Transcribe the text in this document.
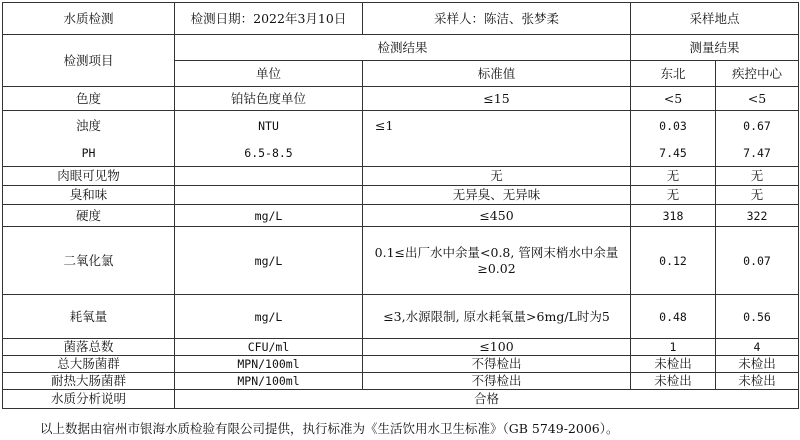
水质检测	检测日期：2022年3月10日	采样人：陈洁、张梦柔	采样地点	
检测项目	检测结果		测量结果	
	单位	标准值	东北	疾控中心
色度	铂钴色度单位	≤15	<5	<5
浊度	NTU	≤1	0.03	0.67
PH	6.5-8.5		7.45	7.47
肉眼可见物		无	无	无
臭和味		无异臭、无异味	无	无
硬度	mg/L	≤450	318	322
二氧化氯	mg/L	0.1≤出厂水中余量<0.8, 管网末梢水中余量≥0.02	0.12	0.07
耗氧量	mg/L	≤3,水源限制, 原水耗氧量>6mg/L时为5	0.48	0.56
菌落总数	CFU/ml	≤100	1	4
总大肠菌群	MPN/100ml	不得检出	未检出	未检出
耐热大肠菌群	MPN/100ml	不得检出	未检出	未检出
水质分析说明	合格			
以上数据由宿州市银海水质检验有限公司提供，执行标准为《生活饮用水卫生标准》（GB 5749-2006）。
